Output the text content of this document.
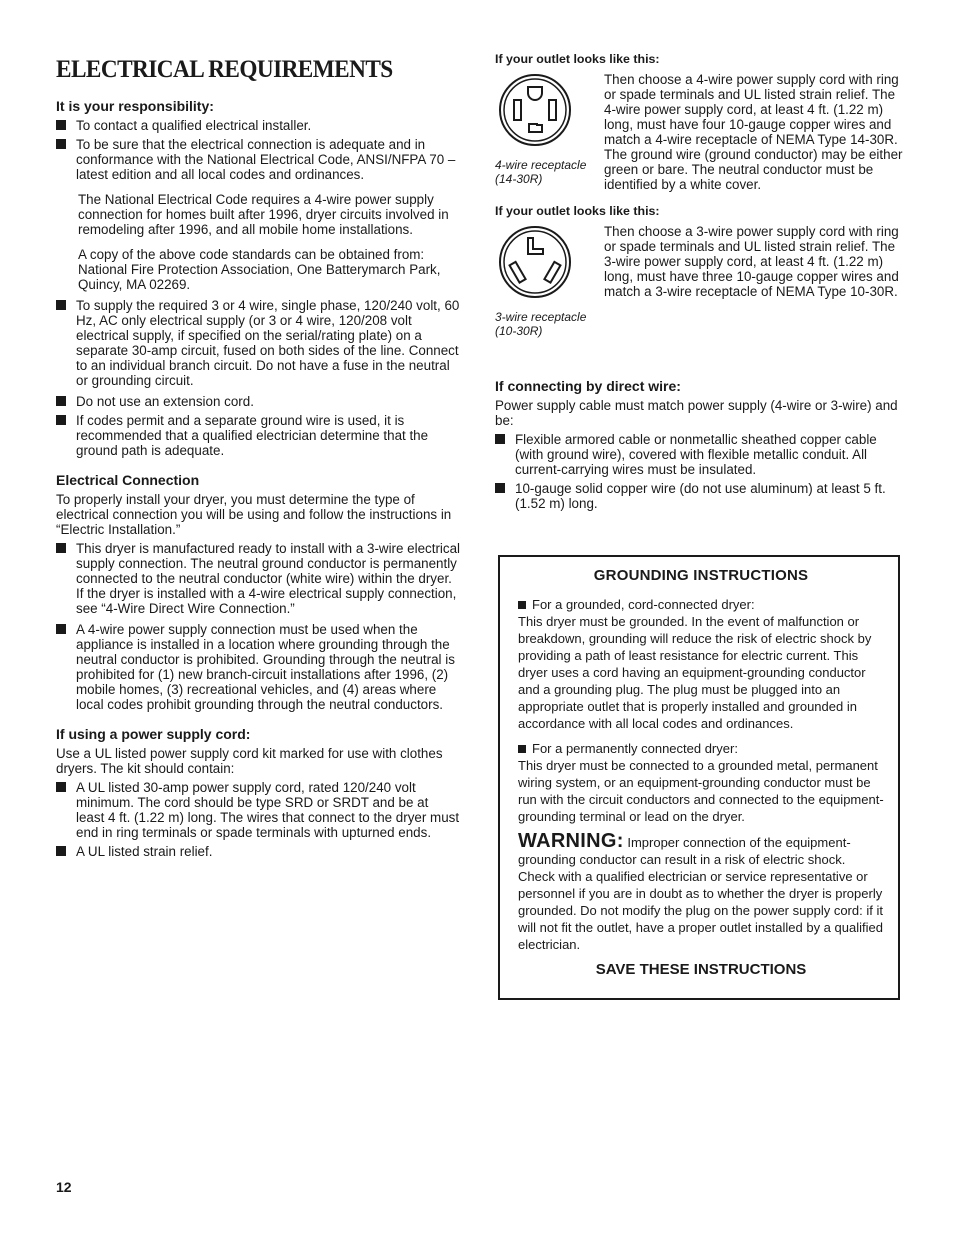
ELECTRICAL REQUIREMENTS
It is your responsibility:
To contact a qualified electrical installer.
To be sure that the electrical connection is adequate and in conformance with the National Electrical Code, ANSI/NFPA 70 – latest edition and all local codes and ordinances.
The National Electrical Code requires a 4-wire power supply connection for homes built after 1996, dryer circuits involved in remodeling after 1996, and all mobile home installations.
A copy of the above code standards can be obtained from: National Fire Protection Association, One Batterymarch Park, Quincy, MA 02269.
To supply the required 3 or 4 wire, single phase, 120/240 volt, 60 Hz, AC only electrical supply (or 3 or 4 wire, 120/208 volt electrical supply, if specified on the serial/rating plate) on a separate 30-amp circuit, fused on both sides of the line. Connect to an individual branch circuit. Do not have a fuse in the neutral or grounding circuit.
Do not use an extension cord.
If codes permit and a separate ground wire is used, it is recommended that a qualified electrician determine that the ground path is adequate.
Electrical Connection

To properly install your dryer, you must determine the type of electrical connection you will be using and follow the instructions in “Electric Installation.”

This dryer is manufactured ready to install with a 3-wire electrical supply connection. The neutral ground conductor is permanently connected to the neutral conductor (white wire) within the dryer. If the dryer is installed with a 4-wire electrical supply connection, see “4-Wire Direct Wire Connection.”
A 4-wire power supply connection must be used when the appliance is installed in a location where grounding through the neutral conductor is prohibited. Grounding through the neutral is prohibited for (1) new branch-circuit installations after 1996, (2) mobile homes, (3) recreational vehicles, and (4) areas where local codes prohibit grounding through the neutral conductors.
If using a power supply cord:

Use a UL listed power supply cord kit marked for use with clothes dryers. The kit should contain:

A UL listed 30-amp power supply cord, rated 120/240 volt minimum. The cord should be type SRD or SRDT and be at least 4 ft. (1.22 m) long. The wires that connect to the dryer must end in ring terminals or spade terminals with upturned ends.
A UL listed strain relief.
If your outlet looks like this:
4-wire receptacle
(14-30R)
Then choose a 4-wire power supply cord with ring or spade terminals and UL listed strain relief. The 4-wire power supply cord, at least 4 ft. (1.22 m) long, must have four 10-gauge copper wires and match a 4-wire receptacle of NEMA Type 14-30R. The ground wire (ground conductor) may be either green or bare. The neutral conductor must be identified by a white cover.
If your outlet looks like this:
3-wire receptacle
(10-30R)
Then choose a 3-wire power supply cord with ring or spade terminals and UL listed strain relief. The 3-wire power supply cord, at least 4 ft. (1.22 m) long, must have three 10-gauge copper wires and match a 3-wire receptacle of NEMA Type 10-30R.
If connecting by direct wire:

Power supply cable must match power supply (4-wire or 3-wire) and be:

Flexible armored cable or nonmetallic sheathed copper cable (with ground wire), covered with flexible metallic conduit. All current-carrying wires must be insulated.
10-gauge solid copper wire (do not use aluminum) at least 5 ft. (1.52 m) long.
GROUNDING INSTRUCTIONS
For a grounded, cord-connected dryer:

This dryer must be grounded. In the event of malfunction or breakdown, grounding will reduce the risk of electric shock by providing a path of least resistance for electric current. This dryer uses a cord having an equipment-grounding conductor and a grounding plug. The plug must be plugged into an appropriate outlet that is properly installed and grounded in accordance with all local codes and ordinances.

For a permanently connected dryer:

This dryer must be connected to a grounded metal, permanent wiring system, or an equipment-grounding conductor must be run with the circuit conductors and connected to the equipment-grounding terminal or lead on the dryer.

WARNING: Improper connection of the equipment-grounding conductor can result in a risk of electric shock. Check with a qualified electrician or service representative or personnel if you are in doubt as to whether the dryer is properly grounded. Do not modify the plug on the power supply cord: if it will not fit the outlet, have a proper outlet installed by a qualified electrician.

SAVE THESE INSTRUCTIONS
12
